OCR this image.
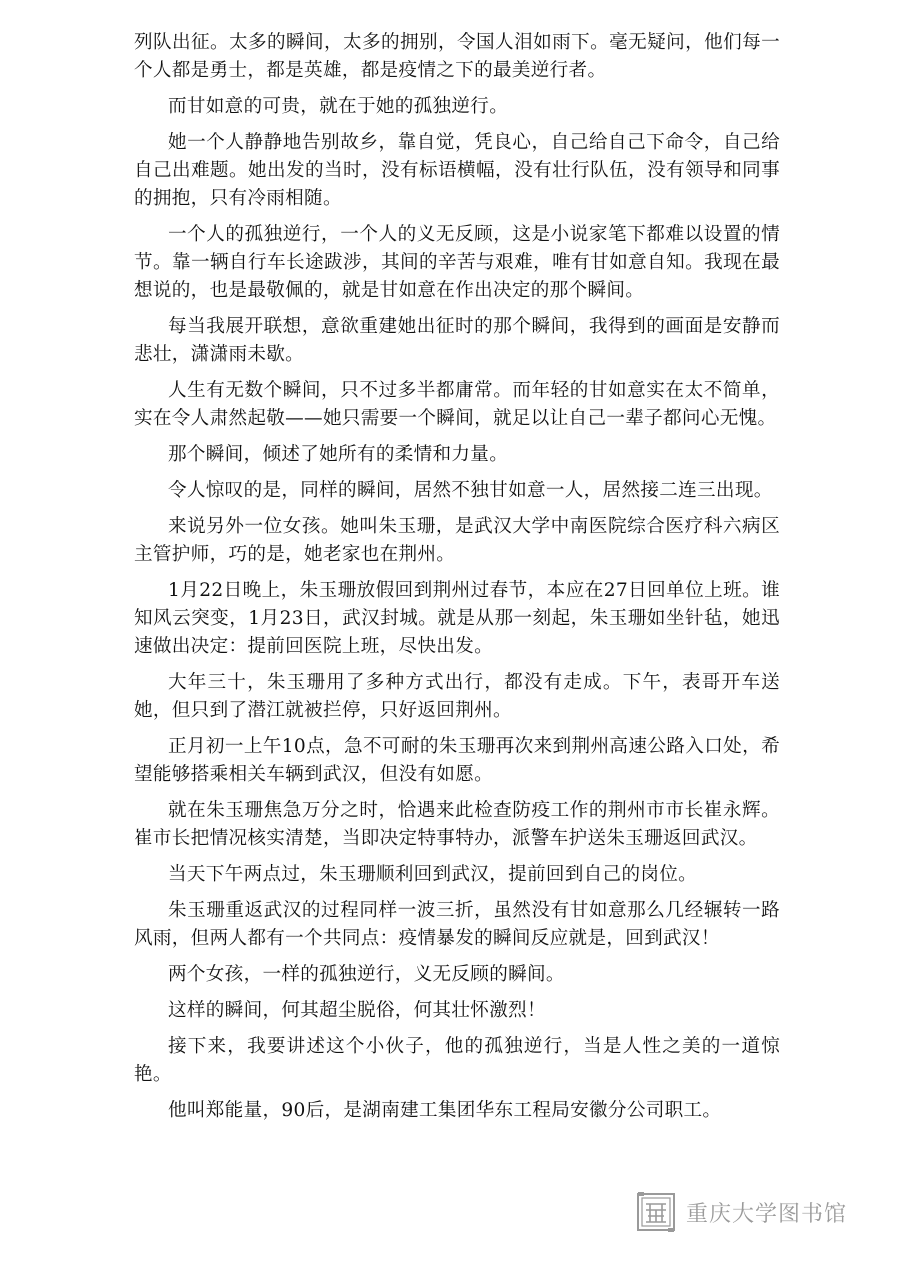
列队出征。太多的瞬间，太多的拥别，令国人泪如雨下。毫无疑问，他们每一个人都是勇士，都是英雄，都是疫情之下的最美逆行者。

而甘如意的可贵，就在于她的孤独逆行。

她一个人静静地告别故乡，靠自觉，凭良心，自己给自己下命令，自己给自己出难题。她出发的当时，没有标语横幅，没有壮行队伍，没有领导和同事的拥抱，只有冷雨相随。

一个人的孤独逆行，一个人的义无反顾，这是小说家笔下都难以设置的情节。靠一辆自行车长途跋涉，其间的辛苦与艰难，唯有甘如意自知。我现在最想说的，也是最敬佩的，就是甘如意在作出决定的那个瞬间。

每当我展开联想，意欲重建她出征时的那个瞬间，我得到的画面是安静而悲壮，潇潇雨未歇。

人生有无数个瞬间，只不过多半都庸常。而年轻的甘如意实在太不简单，实在令人肃然起敬——她只需要一个瞬间，就足以让自己一辈子都问心无愧。

那个瞬间，倾述了她所有的柔情和力量。

令人惊叹的是，同样的瞬间，居然不独甘如意一人，居然接二连三出现。

来说另外一位女孩。她叫朱玉珊，是武汉大学中南医院综合医疗科六病区主管护师，巧的是，她老家也在荆州。

1月22日晚上，朱玉珊放假回到荆州过春节，本应在27日回单位上班。谁知风云突变，1月23日，武汉封城。就是从那一刻起，朱玉珊如坐针毡，她迅速做出决定：提前回医院上班，尽快出发。

大年三十，朱玉珊用了多种方式出行，都没有走成。下午，表哥开车送她，但只到了潜江就被拦停，只好返回荆州。

正月初一上午10点，急不可耐的朱玉珊再次来到荆州高速公路入口处，希望能够搭乘相关车辆到武汉，但没有如愿。

就在朱玉珊焦急万分之时，恰遇来此检查防疫工作的荆州市市长崔永辉。崔市长把情况核实清楚，当即决定特事特办，派警车护送朱玉珊返回武汉。

当天下午两点过，朱玉珊顺利回到武汉，提前回到自己的岗位。

朱玉珊重返武汉的过程同样一波三折，虽然没有甘如意那么几经辗转一路风雨，但两人都有一个共同点：疫情暴发的瞬间反应就是，回到武汉！

两个女孩，一样的孤独逆行，义无反顾的瞬间。

这样的瞬间，何其超尘脱俗，何其壮怀激烈！

接下来，我要讲述这个小伙子，他的孤独逆行，当是人性之美的一道惊艳。

他叫郑能量，90后，是湖南建工集团华东工程局安徽分公司职工。

重庆大学图书馆
